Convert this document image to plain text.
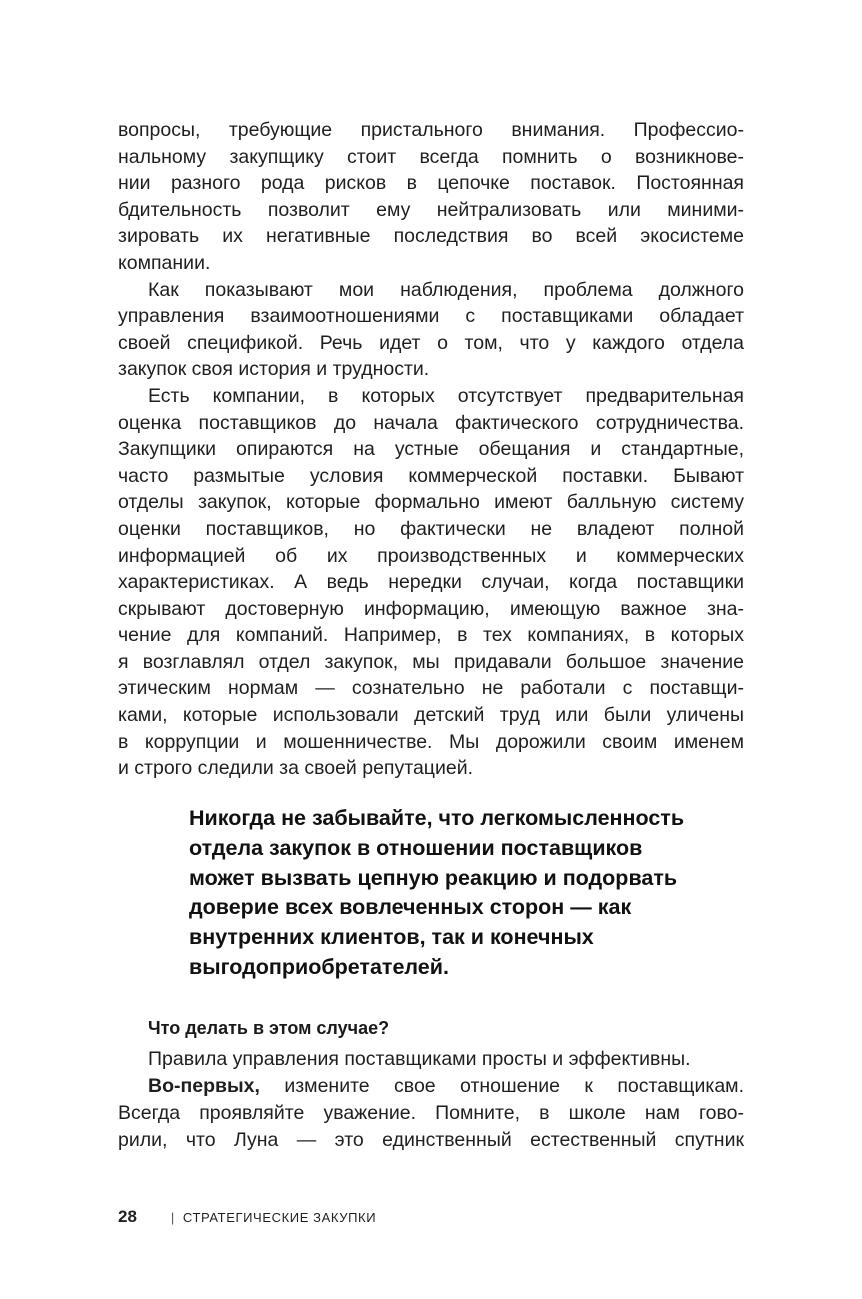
вопросы, требующие пристального внимания. Профессио-
нальному закупщику стоит всегда помнить о возникнове-
нии разного рода рисков в цепочке поставок. Постоянная
бдительность позволит ему нейтрализовать или миними-
зировать их негативные последствия во всей экосистеме
компании.

Как показывают мои наблюдения, проблема должного
управления взаимоотношениями с поставщиками обладает
своей спецификой. Речь идет о том, что у каждого отдела
закупок своя история и трудности.

Есть компании, в которых отсутствует предварительная
оценка поставщиков до начала фактического сотрудничества.
Закупщики опираются на устные обещания и стандартные,
часто размытые условия коммерческой поставки. Бывают
отделы закупок, которые формально имеют балльную систему
оценки поставщиков, но фактически не владеют полной
информацией об их производственных и коммерческих
характеристиках. А ведь нередки случаи, когда поставщики
скрывают достоверную информацию, имеющую важное зна-
чение для компаний. Например, в тех компаниях, в которых
я возглавлял отдел закупок, мы придавали большое значение
этическим нормам — сознательно не работали с поставщи-
ками, которые использовали детский труд или были уличены
в коррупции и мошенничестве. Мы дорожили своим именем
и строго следили за своей репутацией.

Никогда не забывайте, что легкомысленность
отдела закупок в отношении поставщиков
может вызвать цепную реакцию и подорвать
доверие всех вовлеченных сторон — как
внутренних клиентов, так и конечных
выгодоприобретателей.
Что делать в этом случае?
Правила управления поставщиками просты и эффективны.
Во-первых, измените свое отношение к поставщикам.
Всегда проявляйте уважение. Помните, в школе нам гово-
рили, что Луна — это единственный естественный спутник
28	| СТРАТЕГИЧЕСКИЕ ЗАКУПКИ
